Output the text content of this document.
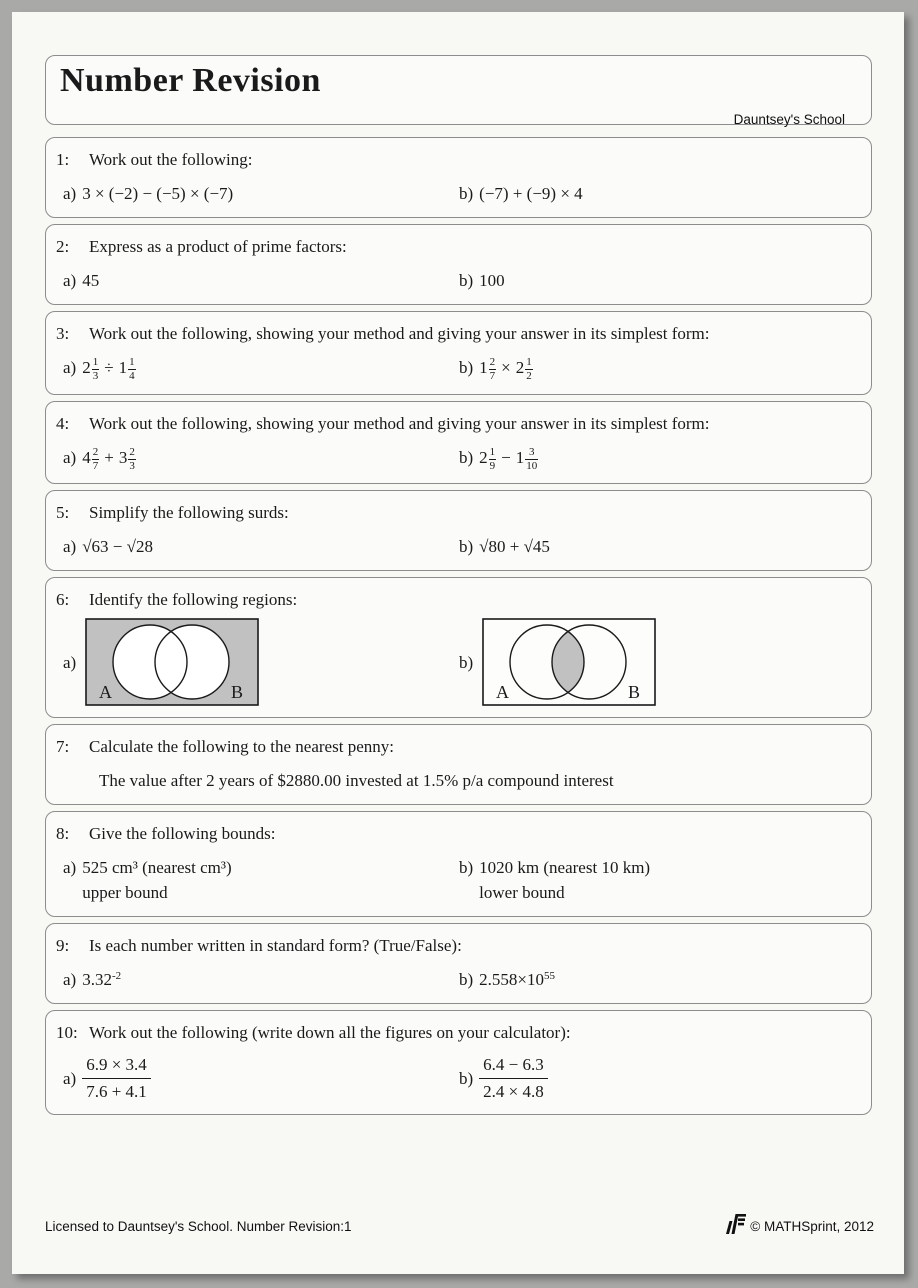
Number Revision
Dauntsey's School
1:	Work out the following:
a) 3 × (−2) − (−5) × (−7)	b) (−7) + (−9) × 4
2:	Express as a product of prime factors:
a) 45	b) 100
3:	Work out the following, showing your method and giving your answer in its simplest form:
a) $2 \frac{1}{3} \div 1 \frac{1}{4}$	b) $1 \frac{2}{7} \times 2 \frac{1}{2}$
4:	Work out the following, showing your method and giving your answer in its simplest form:
a) $4 \frac{2}{7} + 3 \frac{2}{3}$	b) $2 \frac{1}{9} - 1 \frac{3}{10}$
5:	Simplify the following surds:
a) √63 − √28	b) √80 + √45
6:	Identify the following regions:
a)
A	B
b)
A	B
7:	Calculate the following to the nearest penny:
The value after 2 years of $2880.00 invested at 1.5% p/a compound interest
8:	Give the following bounds:
a) 525 cm³ (nearest cm³)
upper bound
b) 1020 km (nearest 10 km)
lower bound
9:	Is each number written in standard form? (True/False):
a) $3.32^{-2}$	b) $2.558\times 10^{55}$
10: Work out the following (write down all the figures on your calculator):
a)
6.9 × 3.4
7.6 + 4.1
b)
6.4 − 6.3
2.4 × 4.8
Licensed to Dauntsey's School. Number Revision:1	© MATHSprint, 2012
